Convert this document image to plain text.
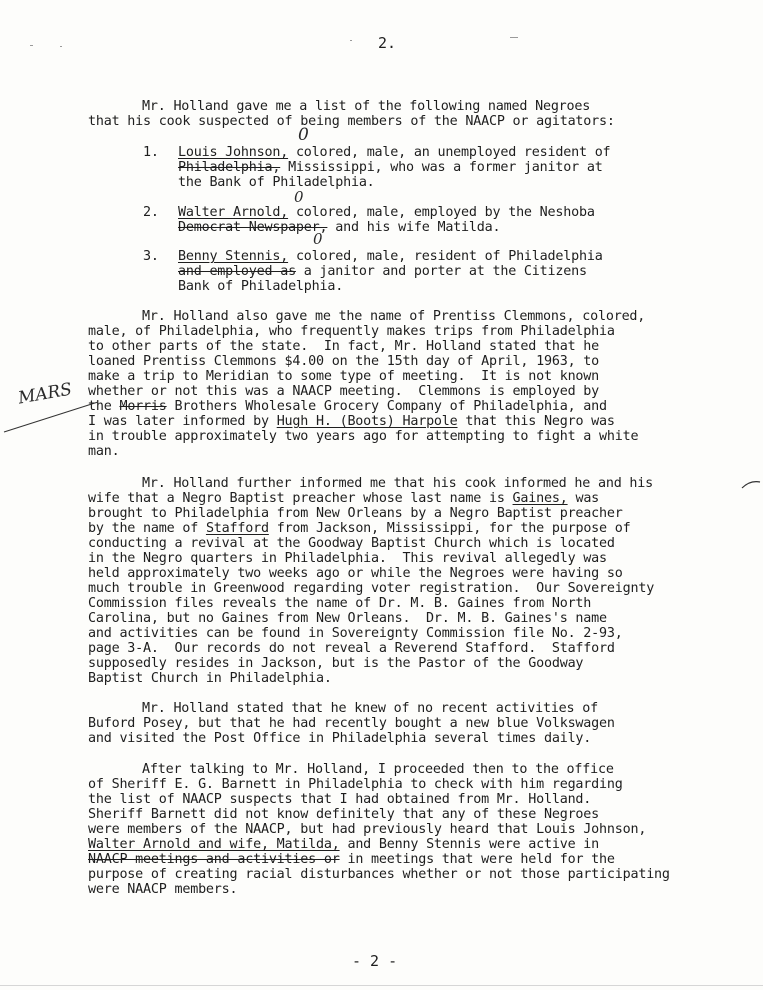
2.
Mr. Holland gave me a list of the following named Negroes
that his cook suspected of being members of the NAACP or agitators:
0
0
0
1. Louis Johnson, colored, male, an unemployed resident of
Philadelphia, Mississippi, who was a former janitor at
the Bank of Philadelphia.
2. Walter Arnold, colored, male, employed by the Neshoba
Democrat Newspaper, and his wife Matilda.
3. Benny Stennis, colored, male, resident of Philadelphia
and employed as a janitor and porter at the Citizens
Bank of Philadelphia.
Mr. Holland also gave me the name of Prentiss Clemmons, colored,
male, of Philadelphia, who frequently makes trips from Philadelphia
to other parts of the state.  In fact, Mr. Holland stated that he
loaned Prentiss Clemmons $4.00 on the 15th day of April, 1963, to
make a trip to Meridian to some type of meeting.  It is not known
whether or not this was a NAACP meeting.  Clemmons is employed by
the Morris Brothers Wholesale Grocery Company of Philadelphia, and
I was later informed by Hugh H. (Boots) Harpole that this Negro was
in trouble approximately two years ago for attempting to fight a white
man.
MARS
Mr. Holland further informed me that his cook informed he and his
wife that a Negro Baptist preacher whose last name is Gaines, was
brought to Philadelphia from New Orleans by a Negro Baptist preacher
by the name of Stafford from Jackson, Mississippi, for the purpose of
conducting a revival at the Goodway Baptist Church which is located
in the Negro quarters in Philadelphia.  This revival allegedly was
held approximately two weeks ago or while the Negroes were having so
much trouble in Greenwood regarding voter registration.  Our Sovereignty
Commission files reveals the name of Dr. M. B. Gaines from North
Carolina, but no Gaines from New Orleans.  Dr. M. B. Gaines's name
and activities can be found in Sovereignty Commission file No. 2-93,
page 3-A.  Our records do not reveal a Reverend Stafford.  Stafford
supposedly resides in Jackson, but is the Pastor of the Goodway
Baptist Church in Philadelphia.
Mr. Holland stated that he knew of no recent activities of
Buford Posey, but that he had recently bought a new blue Volkswagen
and visited the Post Office in Philadelphia several times daily.
After talking to Mr. Holland, I proceeded then to the office
of Sheriff E. G. Barnett in Philadelphia to check with him regarding
the list of NAACP suspects that I had obtained from Mr. Holland.
Sheriff Barnett did not know definitely that any of these Negroes
were members of the NAACP, but had previously heard that Louis Johnson,
Walter Arnold and wife, Matilda, and Benny Stennis were active in
NAACP meetings and activities or in meetings that were held for the
purpose of creating racial disturbances whether or not those participating
were NAACP members.
- 2 -
